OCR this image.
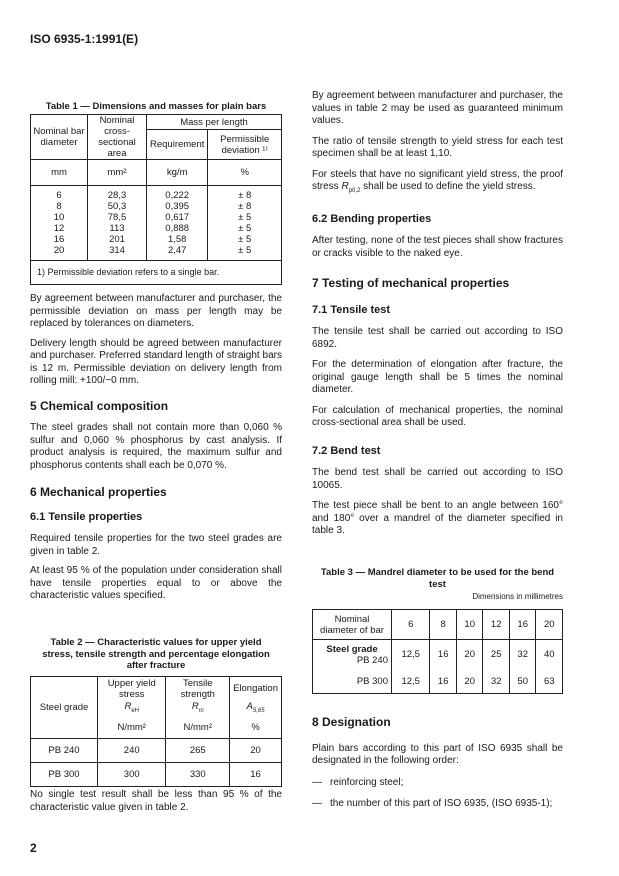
ISO 6935-1:1991(E)
Table 1 — Dimensions and masses for plain bars
Nominal bar diameter	Nominal cross-sectional area	Mass per length	
		Requirement	Permissible deviation ¹⁾
mm	mm²	kg/m	%
6	28,3	0,222	± 8
8	50,3	0,395	± 8
10	78,5	0,617	± 5
12	113	0,888	± 5
16	201	1,58	± 5
20	314	2,47	± 5
1) Permissible deviation refers to a single bar.			

By agreement between manufacturer and purchaser, the permissible deviation on mass per length may be replaced by tolerances on diameters.

Delivery length should be agreed between manufacturer and purchaser. Preferred standard length of straight bars is 12 m. Permissible deviation on delivery length from rolling mill: +100/−0 mm.

5 Chemical composition

The steel grades shall not contain more than 0,060 % sulfur and 0,060 % phosphorus by cast analysis. If product analysis is required, the maximum sulfur and phosphorus contents shall each be 0,070 %.

6 Mechanical properties
6.1 Tensile properties

Required tensile properties for the two steel grades are given in table 2.

At least 95 % of the population under consideration shall have tensile properties equal to or above the characteristic values specified.

Table 2 — Characteristic values for upper yield stress, tensile strength and percentage elongation after fracture
Steel grade	Upper yield stress	Tensile strength	Elongation
	$R_{eH}$	$R_m$	$A_{5,65}$
	N/mm²	N/mm²	%
PB 240	240	265	20
PB 300	300	330	16

No single test result shall be less than 95 % of the characteristic value given in table 2.

2

By agreement between manufacturer and purchaser, the values in table 2 may be used as guaranteed minimum values.

The ratio of tensile strength to yield stress for each test specimen shall be at least 1,10.

For steels that have no significant yield stress, the proof stress $R_{p0,2}$ shall be used to define the yield stress.

6.2 Bending properties

After testing, none of the test pieces shall show fractures or cracks visible to the naked eye.

7 Testing of mechanical properties
7.1 Tensile test

The tensile test shall be carried out according to ISO 6892.

For the determination of elongation after fracture, the original gauge length shall be 5 times the nominal diameter.

For calculation of mechanical properties, the nominal cross-sectional area shall be used.

7.2 Bend test

The bend test shall be carried out according to ISO 10065.

The test piece shall be bent to an angle between 160° and 180° over a mandrel of the diameter specified in table 3.

Table 3 — Mandrel diameter to be used for the bend test
Dimensions in millimetres
Nominal diameter of bar	6	8	10	12	16	20

Steel grade
PB 240	12,5	16	20	25	32	40
PB 300	12,5	16	20	32	50	63
8 Designation

Plain bars according to this part of ISO 6935 shall be designated in the following order:

— reinforcing steel;
— the number of this part of ISO 6935, (ISO 6935-1);
